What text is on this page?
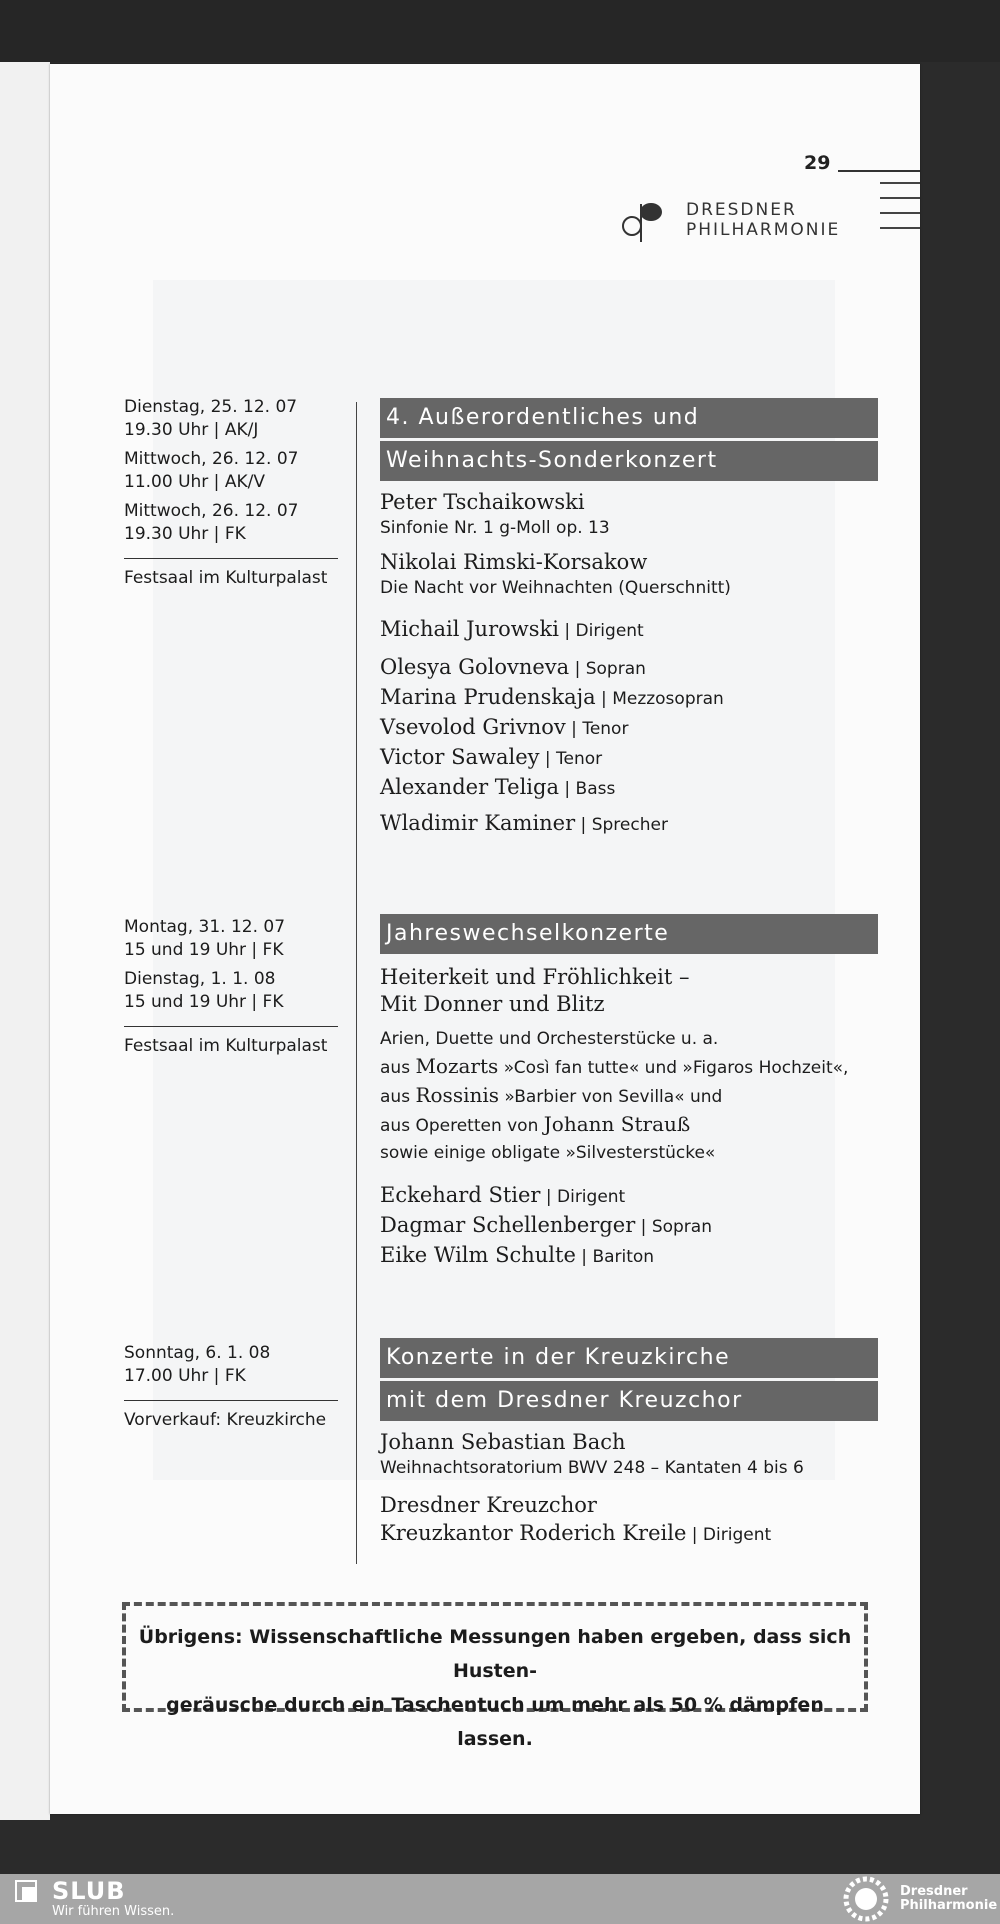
29
DRESDNER
PHILHARMONIE

Dienstag, 25. 12. 07

19.30 Uhr | AK/J

Mittwoch, 26. 12. 07

11.00 Uhr | AK/V

Mittwoch, 26. 12. 07

19.30 Uhr | FK

Festsaal im Kulturpalast

4. Außerordentliches und
Weihnachts-Sonderkonzert

Peter Tschaikowski

Sinfonie Nr. 1 g-Moll op. 13

Nikolai Rimski-Korsakow

Die Nacht vor Weihnachten (Querschnitt)

Michail Jurowski | Dirigent

Olesya Golovneva | Sopran

Marina Prudenskaja | Mezzosopran

Vsevolod Grivnov | Tenor

Victor Sawaley | Tenor

Alexander Teliga | Bass

Wladimir Kaminer | Sprecher

Montag, 31. 12. 07

15 und 19 Uhr | FK

Dienstag, 1. 1. 08

15 und 19 Uhr | FK

Festsaal im Kulturpalast

Jahreswechselkonzerte

Heiterkeit und Fröhlichkeit –

Mit Donner und Blitz

Arien, Duette und Orchesterstücke u. a.

aus Mozarts »Così fan tutte« und »Figaros Hochzeit«,

aus Rossinis »Barbier von Sevilla« und

aus Operetten von Johann Strauß

sowie einige obligate »Silvesterstücke«

Eckehard Stier | Dirigent

Dagmar Schellenberger | Sopran

Eike Wilm Schulte | Bariton

Sonntag, 6. 1. 08

17.00 Uhr | FK

Vorverkauf: Kreuzkirche

Konzerte in der Kreuzkirche
mit dem Dresdner Kreuzchor

Johann Sebastian Bach

Weihnachtsoratorium BWV 248 – Kantaten 4 bis 6

Dresdner Kreuzchor

Kreuzkantor Roderich Kreile | Dirigent

Übrigens: Wissenschaftliche Messungen haben ergeben, dass sich Husten-
geräusche durch ein Taschentuch um mehr als 50 % dämpfen lassen.
SLUB
Wir führen Wissen.
Dresdner
Philharmonie
